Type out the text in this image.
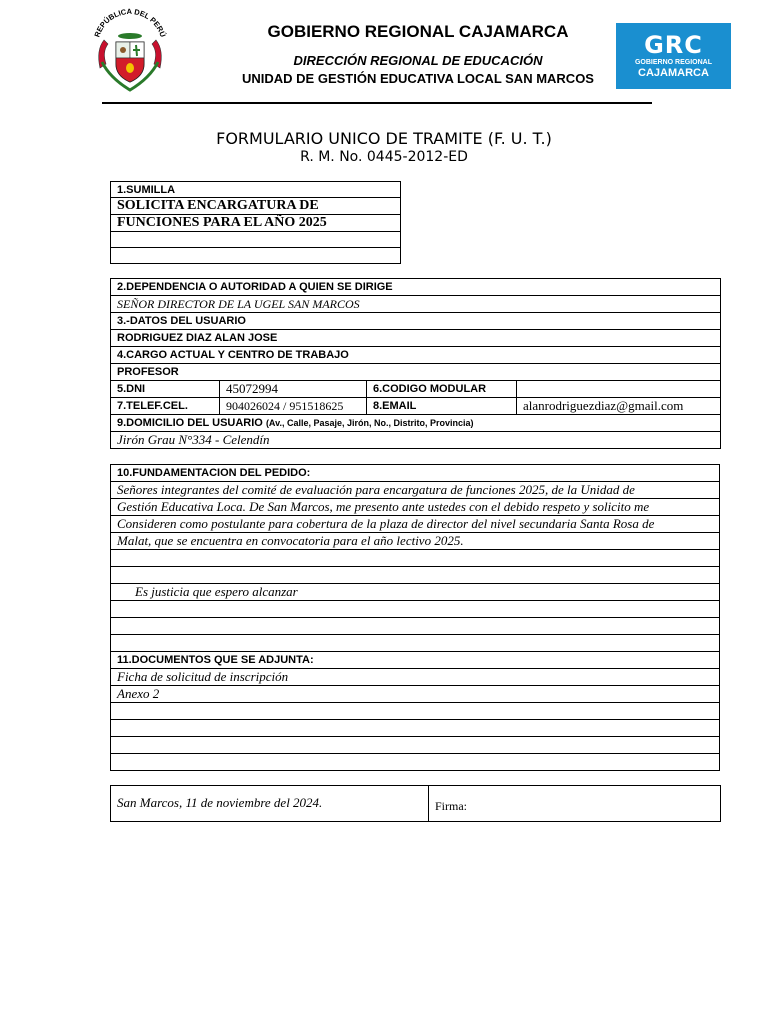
REPÚBLICA DEL PERÚ	GOBIERNO REGIONAL CAJAMARCA
DIRECCIÓN REGIONAL DE EDUCACIÓN
UNIDAD DE GESTIÓN EDUCATIVA LOCAL SAN MARCOS
GRC
GOBIERNO REGIONAL
CAJAMARCA
FORMULARIO UNICO DE TRAMITE (F. U. T.)
R. M. No. 0445-2012-ED
1.SUMILLA
SOLICITA ENCARGATURA DE
FUNCIONES PARA EL AÑO 2025

2.DEPENDENCIA O AUTORIDAD A QUIEN SE DIRIGE			
SEÑOR DIRECTOR DE LA UGEL SAN MARCOS			
3.-DATOS DEL USUARIO			
RODRIGUEZ DIAZ ALAN JOSE			
4.CARGO ACTUAL Y CENTRO DE TRABAJO			
PROFESOR			
5.DNI	45072994	6.CODIGO MODULAR	
7.TELEF.CEL.	904026024 / 951518625	8.EMAIL	alanrodriguezdiaz@gmail.com
9.DOMICILIO DEL USUARIO (Av., Calle, Pasaje, Jirón, No., Distrito, Provincia)			
Jirón Grau N°334 - Celendín			
10.FUNDAMENTACION DEL PEDIDO:
Señores integrantes del comité de evaluación para encargatura de funciones 2025, de la Unidad de
Gestión Educativa Loca. De San Marcos, me presento ante ustedes con el debido respeto y solicito me
Consideren como postulante para cobertura de la plaza de director del nivel secundaria Santa Rosa de
Malat, que se encuentra en convocatoria para el año lectivo 2025.

Es justicia que espero alcanzar

11.DOCUMENTOS QUE SE ADJUNTA:
Ficha de solicitud de inscripción
Anexo 2

San Marcos, 11 de noviembre del 2024.	Firma:
